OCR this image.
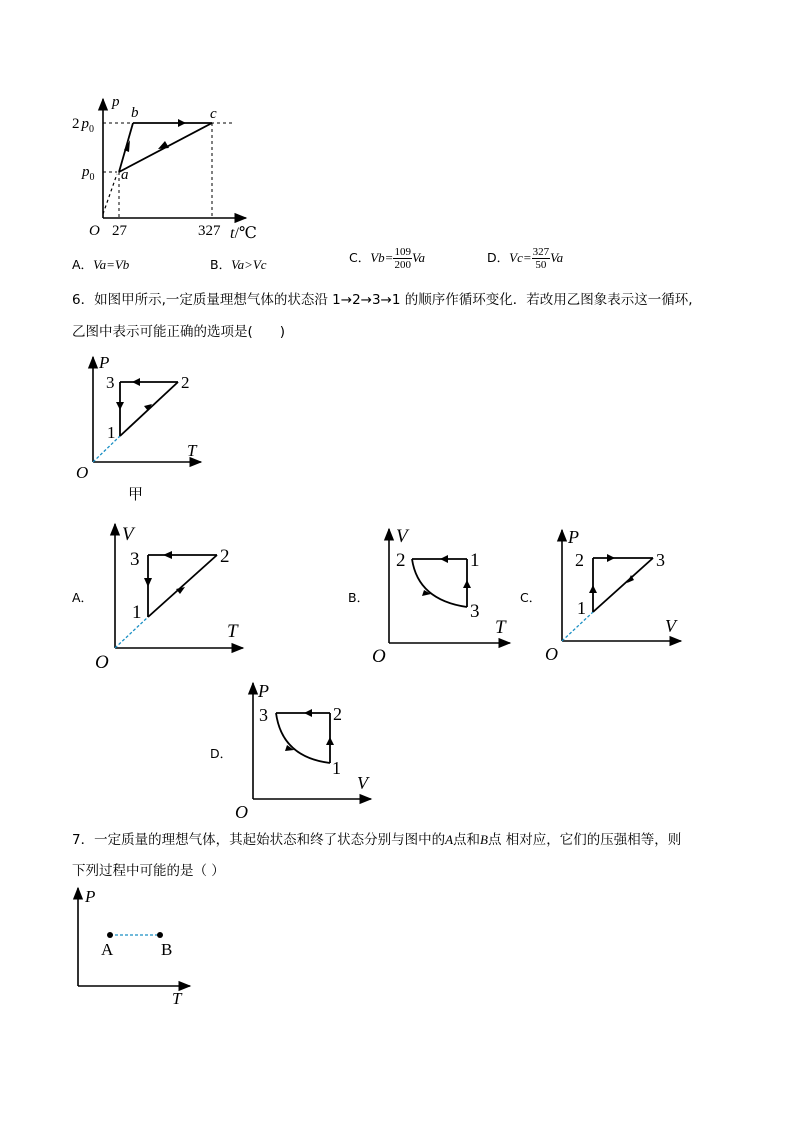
p
b	c
a
2 $p_0$
$p_0$
O 27	327 t/℃
A．Va=Vb	B．Va>Vc	C．$Vb= \frac{109}{200}$ Va	D．$Vc= \frac{327}{50}$ Va
6．如图甲所示,一定质量理想气体的状态沿 1→2→3→1 的顺序作循环变化．若改用乙图象表示这一循环,
乙图中表示可能正确的选项是(　　)
P
T
O
3	2
1
甲
A．
V
T
O
3	2
1
B．
V
T
O
2	1
3
C．
P
V
O
2	3
1
D．
P
V
O
3	2
1
7．一定质量的理想气体，其起始状态和终了状态分别与图中的A点和B点 相对应，它们的压强相等，则
下列过程中可能的是（ ）
P
T
A	B
